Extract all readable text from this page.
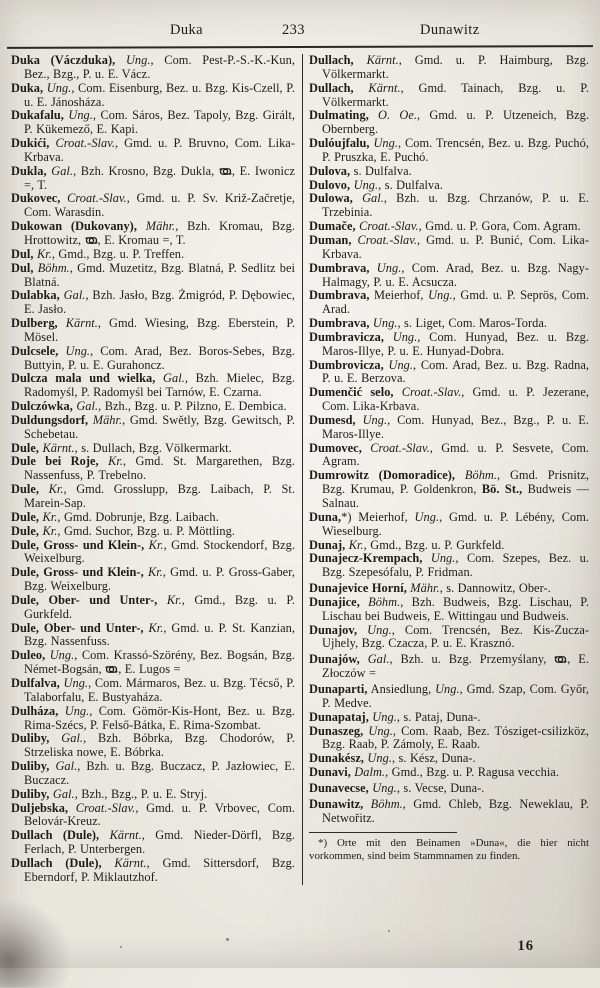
Duka	233	Dunawitz

Duka (Váczduka), Ung., Com. Pest-P.-S.-K.-Kun, Bez., Bzg., P. u. E. Vácz.

Duka, Ung., Com. Eisenburg, Bez. u. Bzg. Kis-Czell, P. u. E. Jánosháza.

Dukafalu, Ung., Com. Sáros, Bez. Tapoly, Bzg. Girált, P. Kükemező, E. Kapi.

Dukići, Croat.-Slav., Gmd. u. P. Bruvno, Com. Lika-Krbava.

Dukla, Gal., Bzh. Krosno, Bzg. Dukla, , E. Iwonicz =, T.

Dukovec, Croat.-Slav., Gmd. u. P. Sv. Križ-Začretje, Com. Warasdin.

Dukowan (Dukovany), Mähr., Bzh. Kromau, Bzg. Hrottowitz, , E. Kromau =, T.

Dul, Kr., Gmd., Bzg. u. P. Treffen.

Dul, Böhm., Gmd. Muzetitz, Bzg. Blatná, P. Sedlitz bei Blatná.

Dulabka, Gal., Bzh. Jasło, Bzg. Żmigród, P. Dębowiec, E. Jasło.

Dulberg, Kärnt., Gmd. Wiesing, Bzg. Eberstein, P. Mösel.

Dulcsele, Ung., Com. Arad, Bez. Boros-Sebes, Bzg. Buttyin, P. u. E. Gurahoncz.

Dulcza mala und wielka, Gal., Bzh. Mielec, Bzg. Radomyśl, P. Radomyśl bei Tarnów, E. Czarna.

Dulczówka, Gal., Bzh., Bzg. u. P. Pilzno, E. Dembica.

Duldungsdorf, Mähr., Gmd. Swětly, Bzg. Gewitsch, P. Schebetau.

Dule, Kärnt., s. Dullach, Bzg. Völkermarkt.

Dule bei Roje, Kr., Gmd. St. Margarethen, Bzg. Nassenfuss, P. Trebelno.

Dule, Kr., Gmd. Grosslupp, Bzg. Laibach, P. St. Marein-Sap.

Dule, Kr., Gmd. Dobrunje, Bzg. Laibach.

Dule, Kr., Gmd. Suchor, Bzg. u. P. Möttling.

Dule, Gross- und Klein-, Kr., Gmd. Stockendorf, Bzg. Weixelburg.

Dule, Gross- und Klein-, Kr., Gmd. u. P. Gross-Gaber, Bzg. Weixelburg.

Dule, Ober- und Unter-, Kr., Gmd., Bzg. u. P. Gurkfeld.

Dule, Ober- und Unter-, Kr., Gmd. u. P. St. Kanzian, Bzg. Nassenfuss.

Duleo, Ung., Com. Krassó-Szörény, Bez. Bogsán, Bzg. Német-Bogsán, , E. Lugos =

Dulfalva, Ung., Com. Mármaros, Bez. u. Bzg. Técső, P. Talaborfalu, E. Bustyaháza.

Dulháza, Ung., Com. Gömör-Kis-Hont, Bez. u. Bzg. Rima-Szécs, P. Felső-Bátka, E. Rima-Szombat.

Duliby, Gal., Bzh. Bóbrka, Bzg. Chodorów, P. Strzeliska nowe, E. Bóbrka.

Duliby, Gal., Bzh. u. Bzg. Buczacz, P. Jazłowiec, E. Buczacz.

Duliby, Gal., Bzh., Bzg., P. u. E. Stryj.

Duljebska, Croat.-Slav., Gmd. u. P. Vrbovec, Com. Belovár-Kreuz.

Dullach (Dule), Kärnt., Gmd. Nieder-Dörfl, Bzg. Ferlach, P. Unterbergen.

Dullach (Dule), Kärnt., Gmd. Sittersdorf, Bzg. Eberndorf, P. Miklautzhof.

Dullach, Kärnt., Gmd. u. P. Haimburg, Bzg. Völkermarkt.

Dullach, Kärnt., Gmd. Tainach, Bzg. u. P. Völkermarkt.

Dulmating, O. Oe., Gmd. u. P. Utzeneich, Bzg. Obernberg.

Dulóujfalu, Ung., Com. Trencsén, Bez. u. Bzg. Puchó, P. Pruszka, E. Puchó.

Dulova, s. Dulfalva.

Dulovo, Ung., s. Dulfalva.

Dulowa, Gal., Bzh. u. Bzg. Chrzanów, P. u. E. Trzebinia.

Dumače, Croat.-Slav., Gmd. u. P. Gora, Com. Agram.

Duman, Croat.-Slav., Gmd. u. P. Bunić, Com. Lika-Krbava.

Dumbrava, Ung., Com. Arad, Bez. u. Bzg. Nagy-Halmagy, P. u. E. Acsucza.

Dumbrava, Meierhof, Ung., Gmd. u. P. Seprös, Com. Arad.

Dumbrava, Ung., s. Liget, Com. Maros-Torda.

Dumbravicza, Ung., Com. Hunyad, Bez. u. Bzg. Maros-Illye, P. u. E. Hunyad-Dobra.

Dumbrovicza, Ung., Com. Arad, Bez. u. Bzg. Radna, P. u. E. Berzova.

Dumenčić selo, Croat.-Slav., Gmd. u. P. Jezerane, Com. Lika-Krbava.

Dumesd, Ung., Com. Hunyad, Bez., Bzg., P. u. E. Maros-Illye.

Dumovec, Croat.-Slav., Gmd. u. P. Sesvete, Com. Agram.

Dumrowitz (Domoradice), Böhm., Gmd. Prisnitz, Bzg. Krumau, P. Goldenkron, Bö. St., Budweis — Salnau.

Duna,*) Meierhof, Ung., Gmd. u. P. Lébény, Com. Wieselburg.

Dunaj, Kr., Gmd., Bzg. u. P. Gurkfeld.

Dunajecz-Krempach, Ung., Com. Szepes, Bez. u. Bzg. Szepesófalu, P. Fridman.

Dunajevice Horní, Mähr., s. Dannowitz, Ober-.

Dunajice, Böhm., Bzh. Budweis, Bzg. Lischau, P. Lischau bei Budweis, E. Wittingau und Budweis.

Dunajov, Ung., Com. Trencsén, Bez. Kis-Zucza-Ujhely, Bzg. Czacza, P. u. E. Krasznó.

Dunajów, Gal., Bzh. u. Bzg. Przemyślany, , E. Złoczów =

Dunaparti, Ansiedlung, Ung., Gmd. Szap, Com. Győr, P. Medve.

Dunapataj, Ung., s. Pataj, Duna-.

Dunaszeg, Ung., Com. Raab, Bez. Tósziget-csilizköz, Bzg. Raab, P. Zámoly, E. Raab.

Dunakész, Ung., s. Kész, Duna-.

Dunavi, Dalm., Gmd., Bzg. u. P. Ragusa vecchia.

Dunavecse, Ung., s. Vecse, Duna-.

Dunawitz, Böhm., Gmd. Chleb, Bzg. Neweklau, P. Netwořitz.

*) Orte mit den Beinamen »Duna«, die hier nicht vorkommen, sind beim Stammnamen zu finden.

16
